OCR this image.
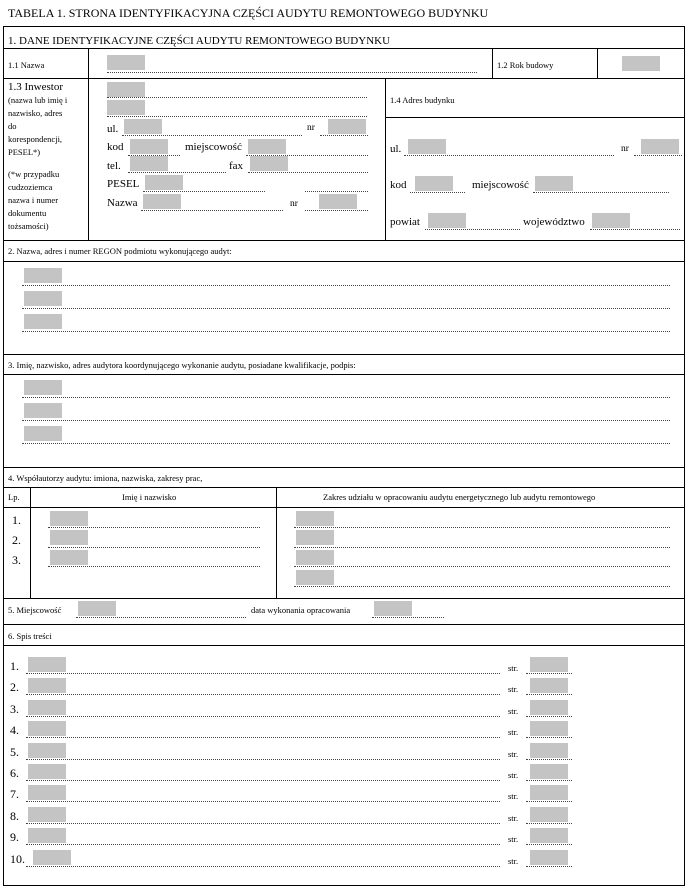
TABELA 1. STRONA IDENTYFIKACYJNA CZĘŚCI AUDYTU REMONTOWEGO BUDYNKU
1. DANE IDENTYFIKACYJNE CZĘŚCI AUDYTU REMONTOWEGO BUDYNKU
1.1 Nazwa	1.2 Rok budowy
1.3 Inwestor
(nazwa lub imię i
nazwisko, adres
do
korespondencji,
PESEL*)
(*w przypadku
cudzoziemca
nazwa i numer
dokumentu
tożsamości)
ul.	nr
kod	miejscowość
tel.	fax
PESEL
Nazwa	nr
1.4 Adres budynku
ul.	nr
kod	miejscowość
powiat	województwo
2. Nazwa, adres i numer REGON podmiotu wykonującego audyt:
3. Imię, nazwisko, adres audytora koordynującego wykonanie audytu, posiadane kwalifikacje, podpis:
4. Współautorzy audytu: imiona, nazwiska, zakresy prac,
Lp.	Imię i nazwisko	Zakres udziału w opracowaniu audytu energetycznego lub audytu remontowego
1.
2.
3.
5. Miejscowość	data wykonania opracowania
6. Spis treści
1.	str.
2.	str.
3.	str.
4.	str.
5.	str.
6.	str.
7.	str.
8.	str.
9.	str.
10.	str.
